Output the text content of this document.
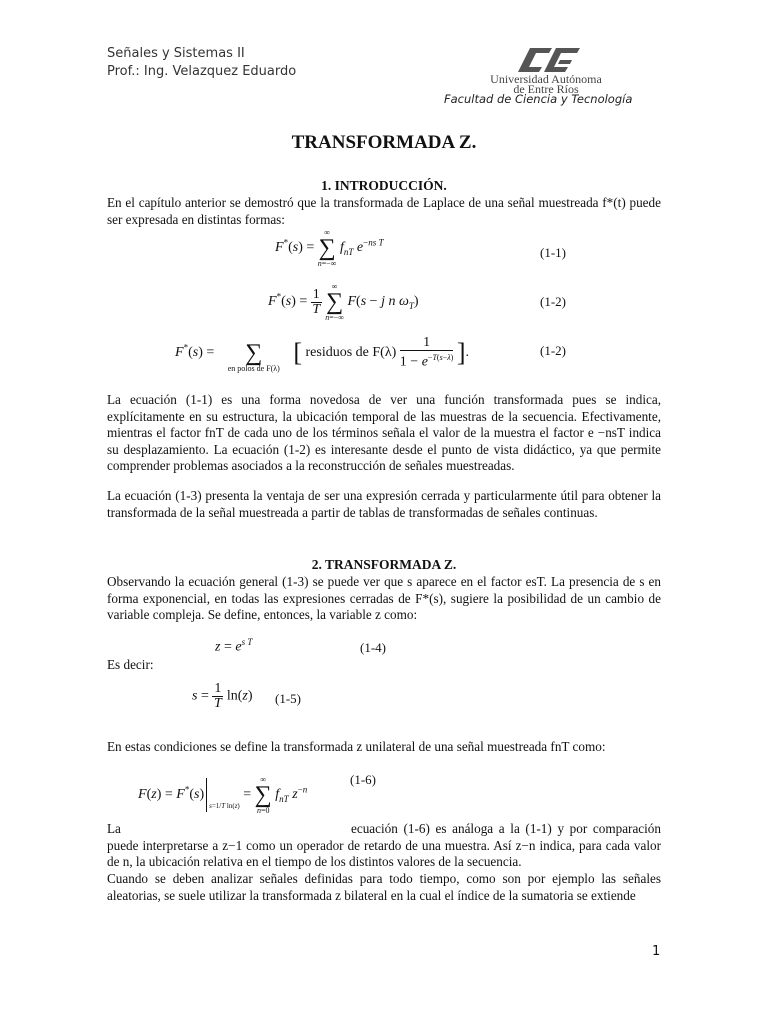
Señales y Sistemas II
Prof.: Ing. Velazquez Eduardo	Universidad Autónoma
de Entre Ríos
Facultad de Ciencia y Tecnología
TRANSFORMADA Z.
1. INTRODUCCIÓN.
En el capítulo anterior se demostró que la transformada de Laplace de una señal muestreada f*(t) puede ser expresada en distintas formas:
F*(s) =
∞
∑
n=−∞
$f_{nT}$ $e^{-ns T}$
(1-1)
$F^*(s) = \frac{1}{T}$

∞
∑
n=−∞
F(s − j n $\omega_T$)	(1-2)
F*(s) =
	∑
en polos de F(λ)
[ residuos de $F(\lambda) \frac{1}{1 - e^{-T(s-\lambda)}}$ ].	(1-2)
La ecuación (1-1) es una forma novedosa de ver una función transformada pues se indica, explícitamente en su estructura, la ubicación temporal de las muestras de la secuencia. Efectivamente, mientras el factor fnT de cada uno de los términos señala el valor de la muestra el factor e −nsT indica su desplazamiento. La ecuación (1-2) es interesante desde el punto de vista didáctico, ya que permite comprender problemas asociados a la reconstrucción de señales muestreadas.
La ecuación (1-3) presenta la ventaja de ser una expresión cerrada y particularmente útil para obtener la transformada de la señal muestreada a partir de tablas de transformadas de señales continuas.
2. TRANSFORMADA Z.
Observando la ecuación general (1-3) se puede ver que s aparece en el factor esT. La presencia de s en forma exponencial, en todas las expresiones cerradas de F*(s), sugiere la posibilidad de un cambio de variable compleja. Se define, entonces, la variable z como:
$z = e^{s T}$	(1-4)
Es decir:
$s = \frac{1}{T} \ln(z)$ (1-5)
En estas condiciones se define la transformada z unilateral de una señal muestreada fnT como:
$F(z) = F^*(s)_{s=1/T ln(z)}$ =
∞
∑
n=0
$f_{nT}$ $z^{-n}$
(1-6)
La	ecuación (1-6) es análoga a la (1-1) y por comparación puede interpretarse a z−1 como un operador de retardo de una muestra. Así z−n indica, para cada valor de n, la ubicación relativa en el tiempo de los distintos valores de la secuencia.
Cuando se deben analizar señales definidas para todo tiempo, como son por ejemplo las señales aleatorias, se suele utilizar la transformada z bilateral en la cual el índice de la sumatoria se extiende
1
